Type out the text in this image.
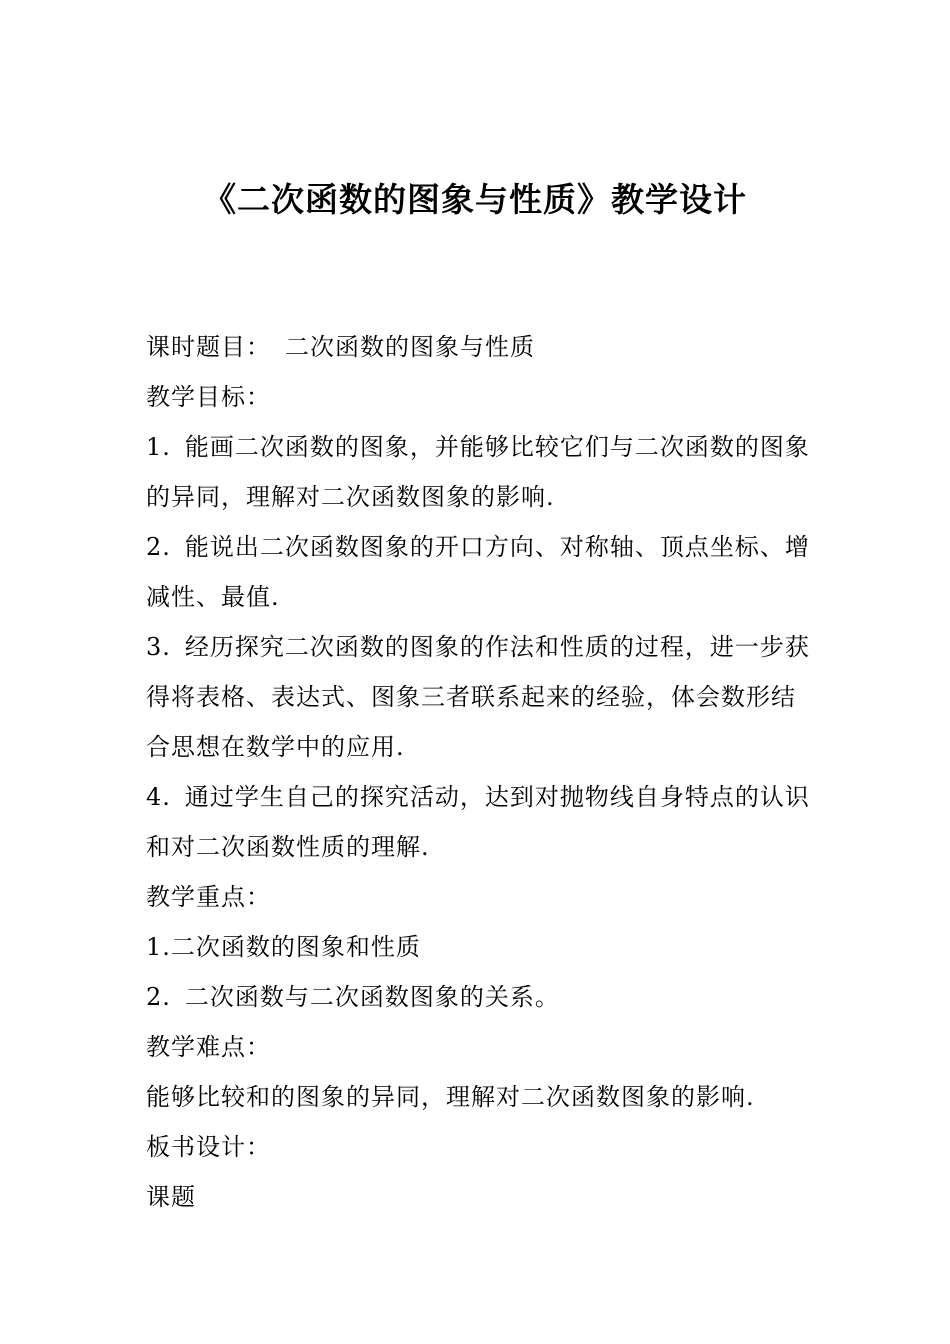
《二次函数的图象与性质》教学设计

课时题目： 二次函数的图象与性质

教学目标：

1. 能画二次函数的图象，并能够比较它们与二次函数的图象的异同，理解对二次函数图象的影响.

2. 能说出二次函数图象的开口方向、对称轴、顶点坐标、增减性、最值.

3. 经历探究二次函数的图象的作法和性质的过程，进一步获得将表格、表达式、图象三者联系起来的经验，体会数形结合思想在数学中的应用.

4. 通过学生自己的探究活动，达到对抛物线自身特点的认识和对二次函数性质的理解.

教学重点：

1.二次函数的图象和性质

2. 二次函数与二次函数图象的关系。

教学难点：

能够比较和的图象的异同，理解对二次函数图象的影响.

板书设计：

课题
